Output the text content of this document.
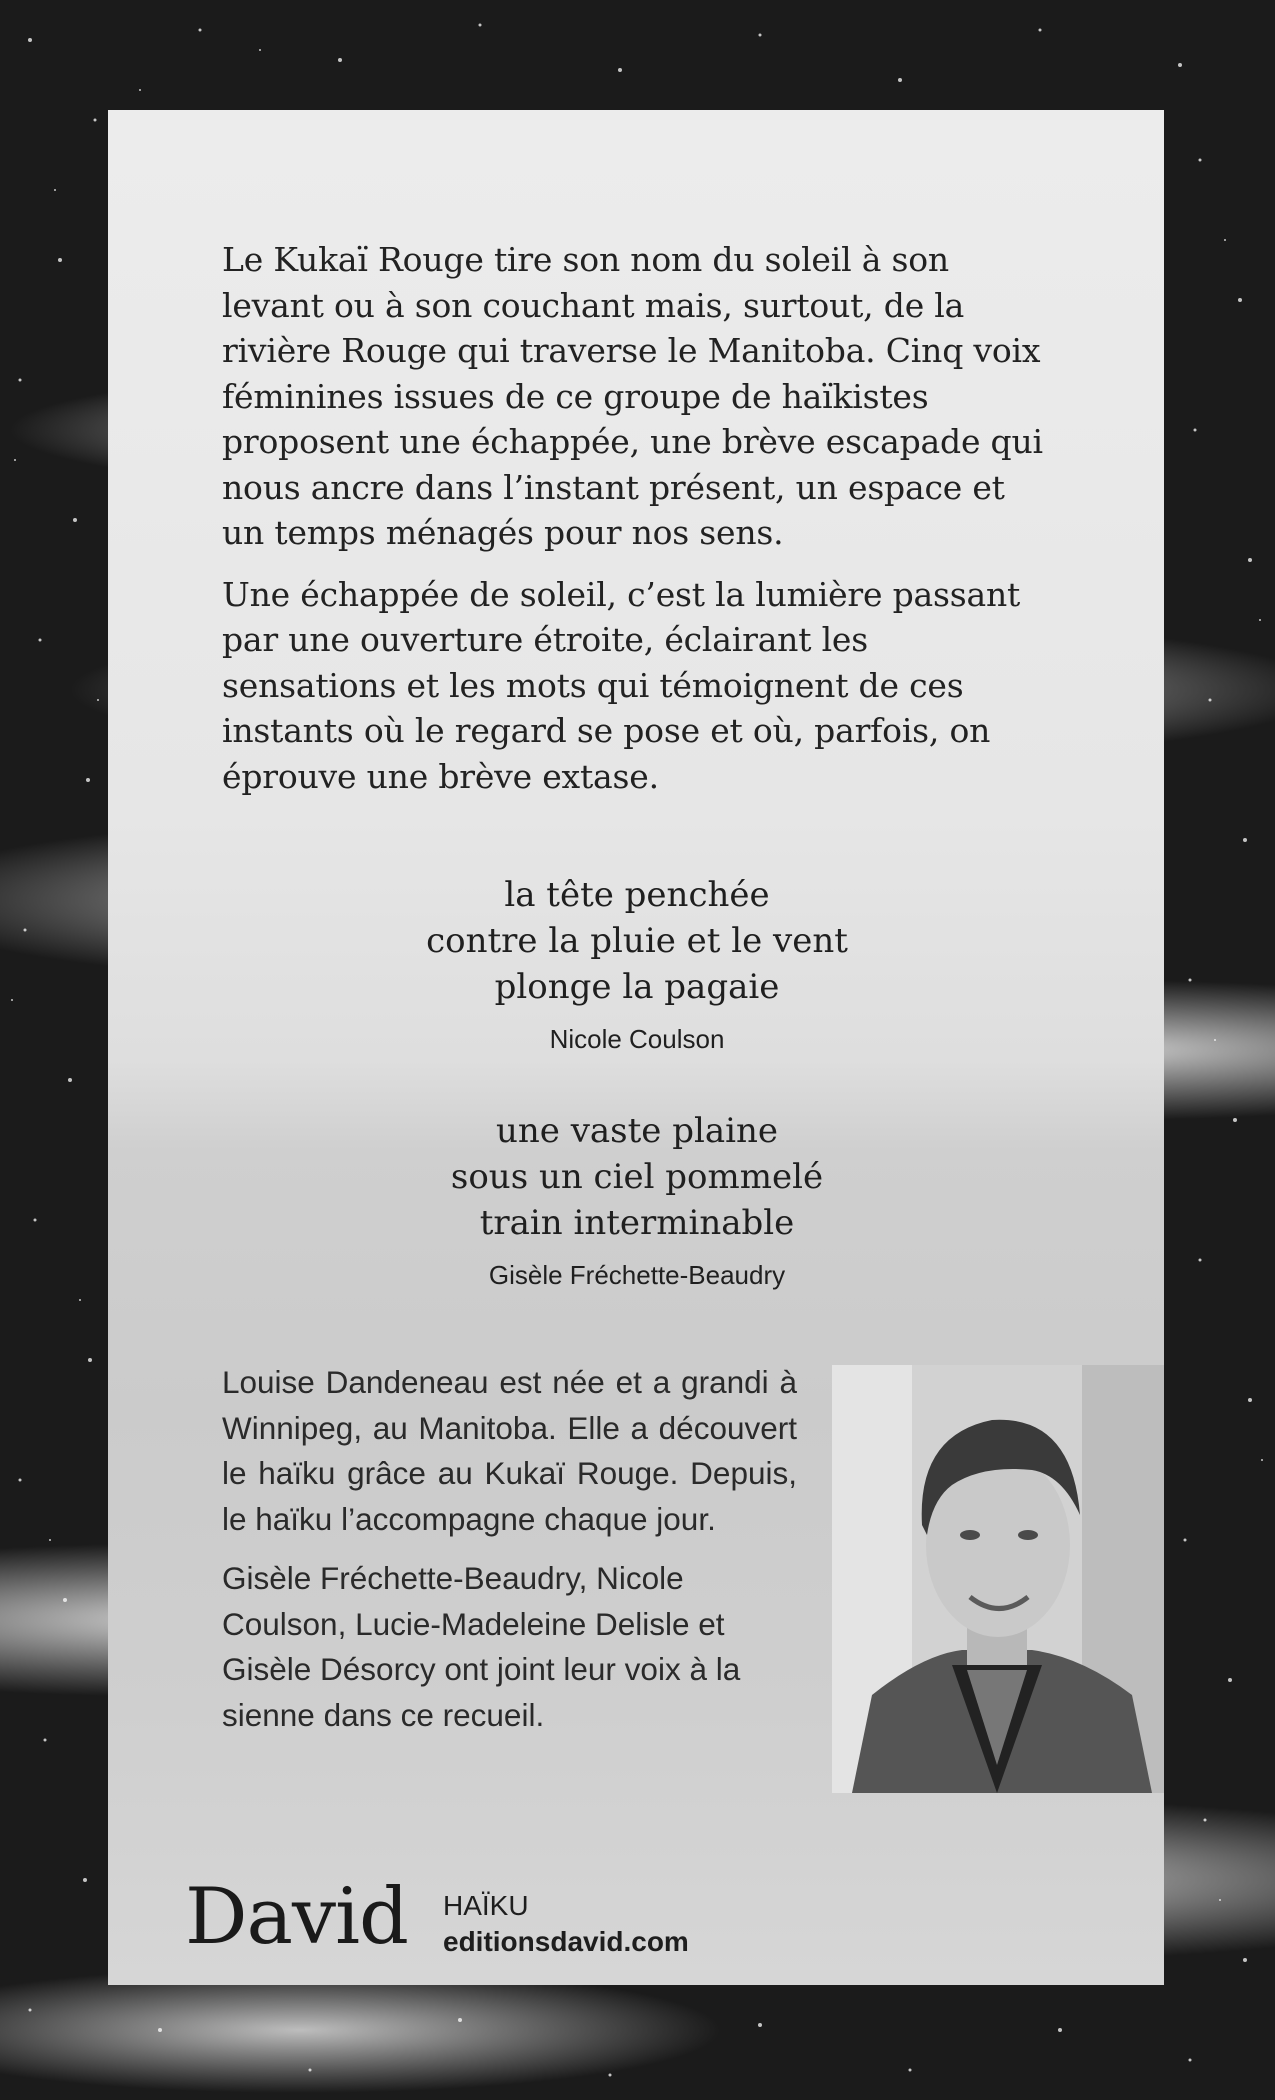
Le Kukaï Rouge tire son nom du soleil à son levant ou à son couchant mais, surtout, de la rivière Rouge qui traverse le Manitoba. Cinq voix féminines issues de ce groupe de haïkistes proposent une échappée, une brève escapade qui nous ancre dans l’instant présent, un espace et un temps ménagés pour nos sens.

Une échappée de soleil, c’est la lumière passant par une ouverture étroite, éclairant les sensations et les mots qui témoignent de ces instants où le regard se pose et où, parfois, on éprouve une brève extase.

la tête penchée
contre la pluie et le vent
plonge la pagaie
Nicole Coulson
une vaste plaine
sous un ciel pommelé
train interminable
Gisèle Fréchette-Beaudry

Louise Dandeneau est née et a grandi à Winnipeg, au Manitoba. Elle a découvert le haïku grâce au Kukaï Rouge. Depuis, le haïku l’accompagne chaque jour.

Gisèle Fréchette-Beaudry, Nicole Coulson, Lucie-Madeleine Delisle et Gisèle Désorcy ont joint leur voix à la sienne dans ce recueil.

David HAÏKU
editionsdavid.com
